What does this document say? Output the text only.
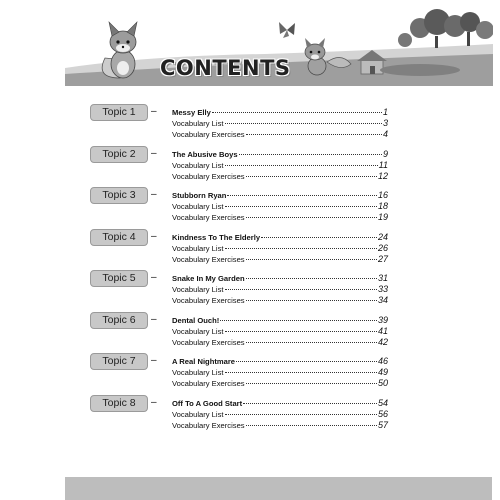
CONTENTS
Topic 1	– Messy Elly	1
Vocabulary List	3
Vocabulary Exercises	4
Topic 2	– The Abusive Boys	9
Vocabulary List	11
Vocabulary Exercises	12
Topic 3	– Stubborn Ryan	16
Vocabulary List	18
Vocabulary Exercises	19
Topic 4	– Kindness To The Elderly	24
Vocabulary List	26
Vocabulary Exercises	27
Topic 5	– Snake In My Garden	31
Vocabulary List	33
Vocabulary Exercises	34
Topic 6	– Dental Ouch!	39
Vocabulary List	41
Vocabulary Exercises	42
Topic 7	– A Real Nightmare	46
Vocabulary List	49
Vocabulary Exercises	50
Topic 8	– Off To A Good Start	54
Vocabulary List	56
Vocabulary Exercises	57
